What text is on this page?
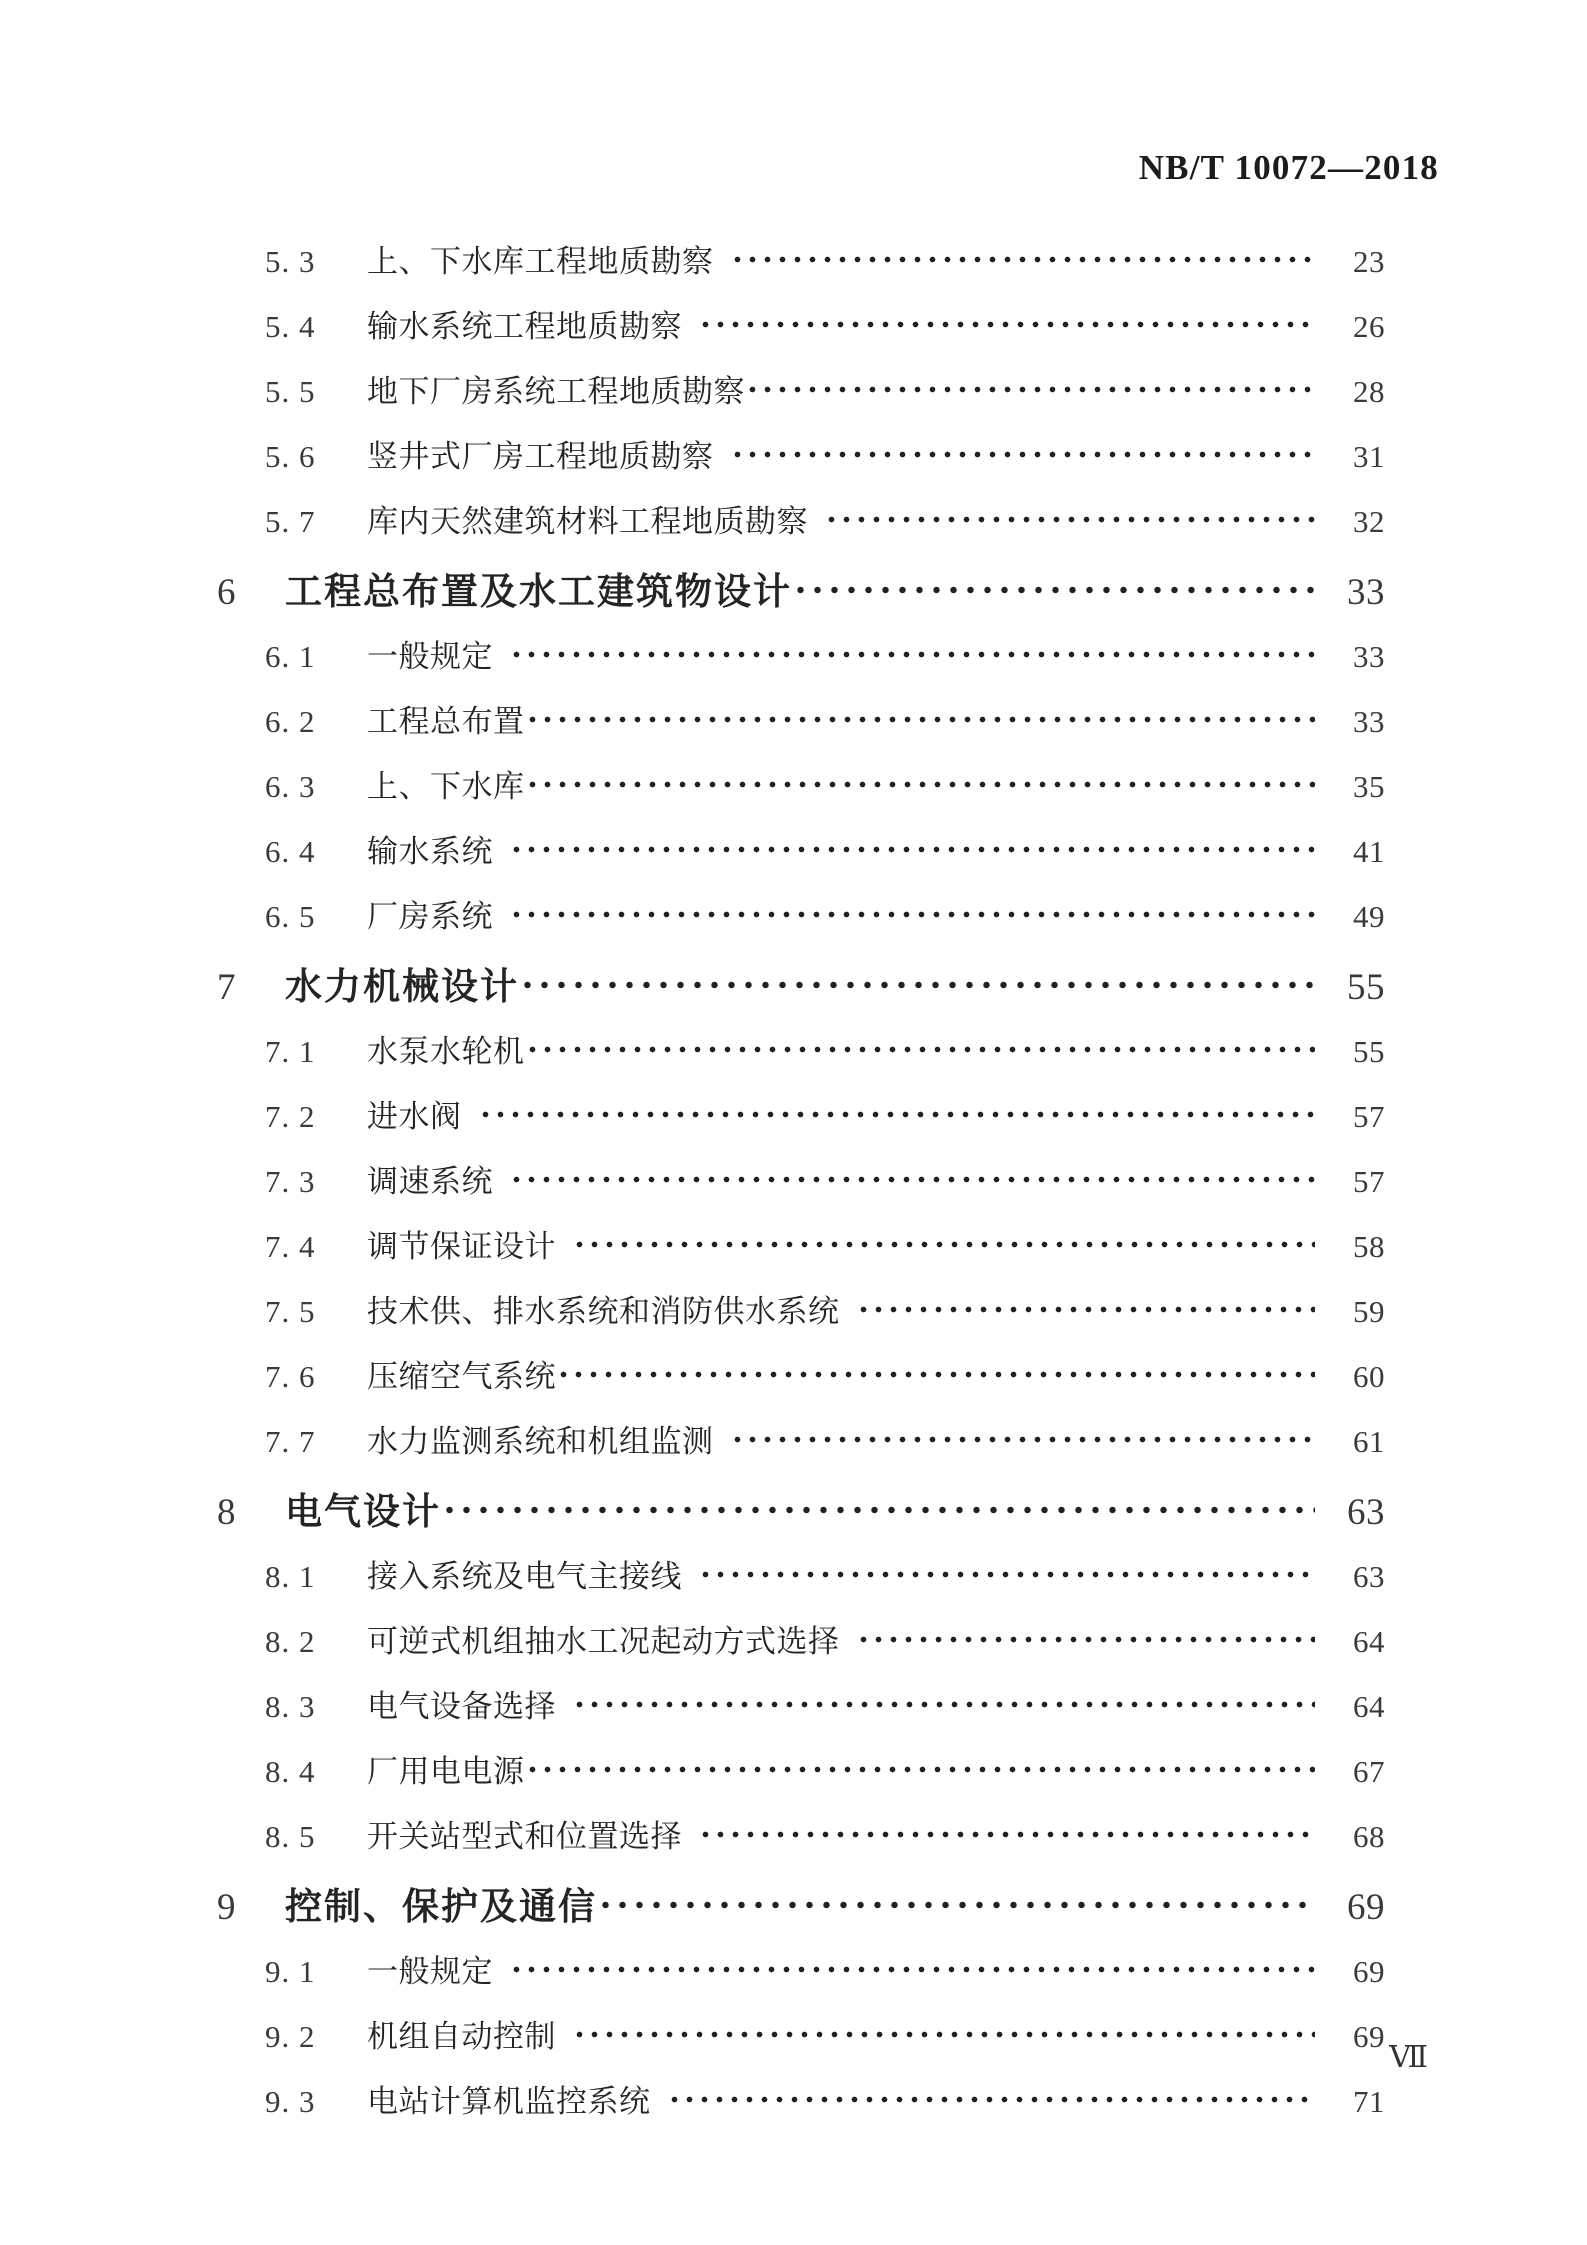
NB/T 10072—2018
5. 3	上、下水库工程地质勘察	23
5. 4	输水系统工程地质勘察	26
5. 5	地下厂房系统工程地质勘察	28
5. 6	竖井式厂房工程地质勘察	31
5. 7	库内天然建筑材料工程地质勘察	32
6	工程总布置及水工建筑物设计	33
6. 1	一般规定	33
6. 2	工程总布置	33
6. 3	上、下水库	35
6. 4	输水系统	41
6. 5	厂房系统	49
7	水力机械设计	55
7. 1	水泵水轮机	55
7. 2	进水阀	57
7. 3	调速系统	57
7. 4	调节保证设计	58
7. 5	技术供、排水系统和消防供水系统	59
7. 6	压缩空气系统	60
7. 7	水力监测系统和机组监测	61
8	电气设计	63
8. 1	接入系统及电气主接线	63
8. 2	可逆式机组抽水工况起动方式选择	64
8. 3	电气设备选择	64
8. 4	厂用电电源	67
8. 5	开关站型式和位置选择	68
9	控制、保护及通信	69
9. 1	一般规定	69
9. 2	机组自动控制	69
9. 3	电站计算机监控系统	71
Ⅶ
